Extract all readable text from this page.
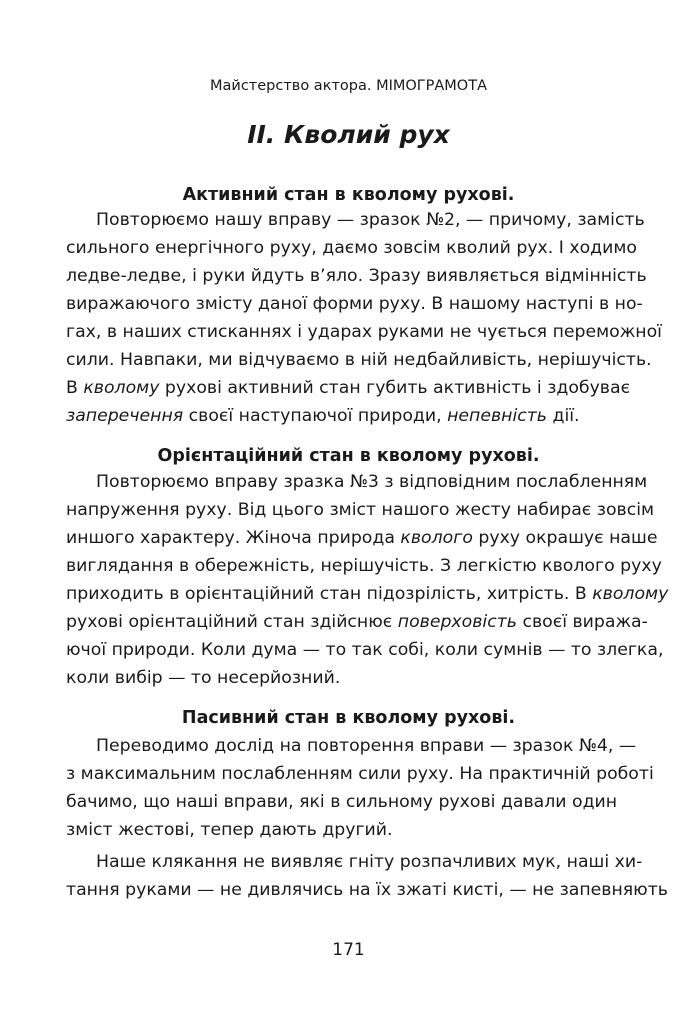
Майстерство актора. МІМОГРАМОТА
II. Кволий рух
Активний стан в кволому рухові.
Повторюємо нашу вправу — зразок №2, — причому, замість
сильного енергічного руху, даємо зовсім кволий рух. І ходимо
ледве-ледве, і руки йдуть в’яло. Зразу виявляється відмінність
виражаючого змісту даної форми руху. В нашому наступі в но-
гах, в наших стисканнях і ударах руками не чується переможної
сили. Навпаки, ми відчуваємо в ній недбайливість, нерішучість.
В кволому рухові активний стан губить активність і здобуває
заперечення своєї наступаючої природи, непевність дії.
Орієнтаційний стан в кволому рухові.
Повторюємо вправу зразка №3 з відповідним послабленням
напруження руху. Від цього зміст нашого жесту набирає зовсім
иншого характеру. Жіноча природа кволого руху окрашує наше
виглядання в обережність, нерішучість. З легкістю кволого руху
приходить в орієнтаційний стан підозрілість, хитрість. В кволому
рухові орієнтаційний стан здійснює поверховість своєї виража-
ючої природи. Коли дума — то так собі, коли сумнів — то злегка,
коли вибір — то несерйозний.
Пасивний стан в кволому рухові.
Переводимо дослід на повторення вправи — зразок №4, —
з максимальним послабленням сили руху. На практичній роботі
бачимо, що наші вправи, які в сильному рухові давали один
зміст жестові, тепер дають другий.
Наше клякання не виявляє гніту розпачливих мук, наші хи-
тання руками — не дивлячись на їх зжаті кисті, — не запевняють
171
